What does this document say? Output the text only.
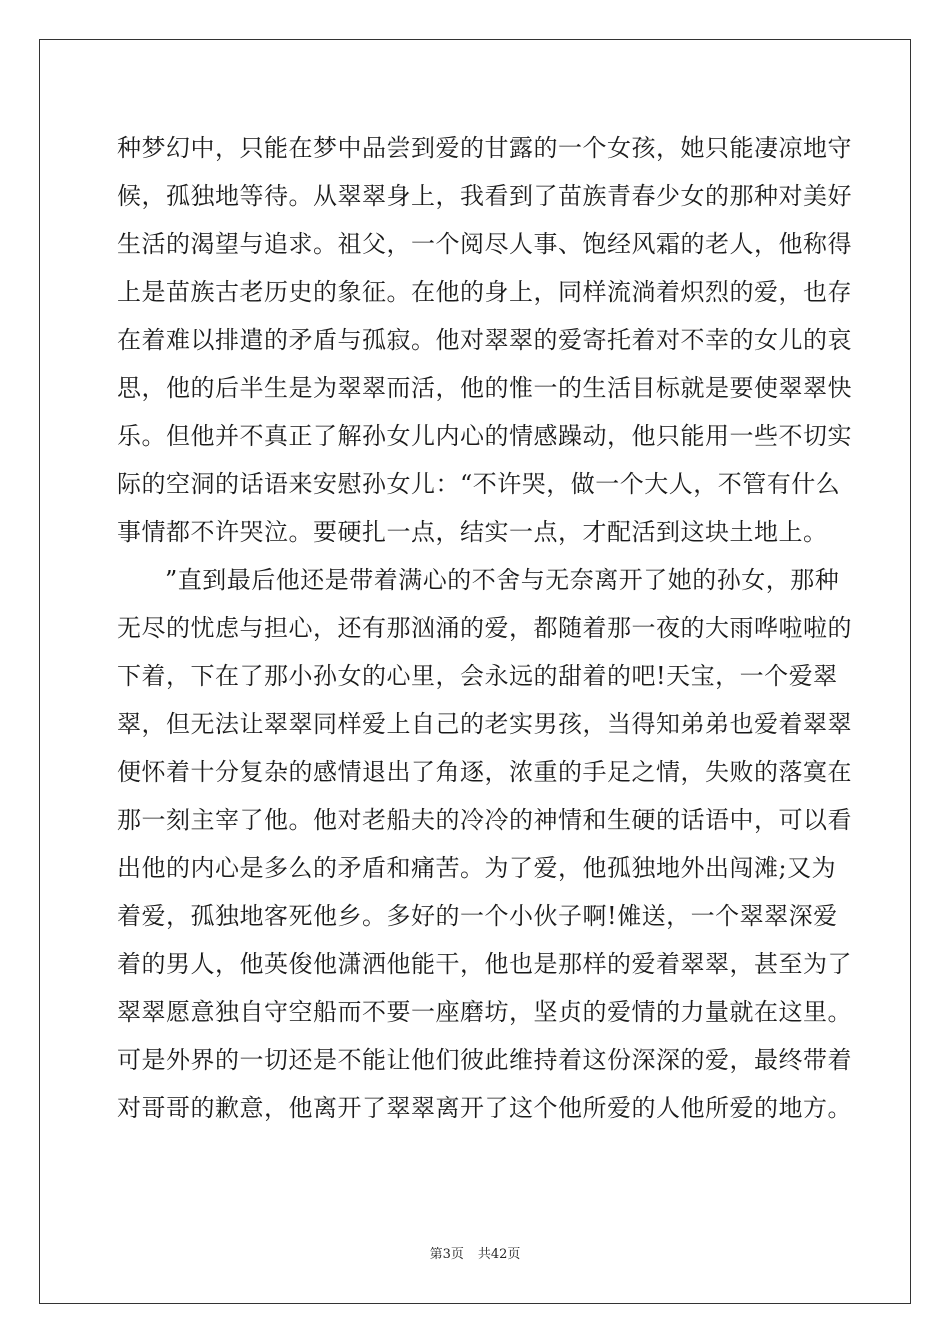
种梦幻中，只能在梦中品尝到爱的甘露的一个女孩，她只能凄凉地守
候，孤独地等待。从翠翠身上，我看到了苗族青春少女的那种对美好
生活的渴望与追求。祖父，一个阅尽人事、饱经风霜的老人，他称得
上是苗族古老历史的象征。在他的身上，同样流淌着炽烈的爱，也存
在着难以排遣的矛盾与孤寂。他对翠翠的爱寄托着对不幸的女儿的哀
思，他的后半生是为翠翠而活，他的惟一的生活目标就是要使翠翠快
乐。但他并不真正了解孙女儿内心的情感躁动，他只能用一些不切实
际的空洞的话语来安慰孙女儿：“不许哭，做一个大人，不管有什么
事情都不许哭泣。要硬扎一点，结实一点，才配活到这块土地上。
”直到最后他还是带着满心的不舍与无奈离开了她的孙女，那种
无尽的忧虑与担心，还有那汹涌的爱，都随着那一夜的大雨哗啦啦的
下着，下在了那小孙女的心里，会永远的甜着的吧!天宝，一个爱翠
翠，但无法让翠翠同样爱上自己的老实男孩，当得知弟弟也爱着翠翠
便怀着十分复杂的感情退出了角逐，浓重的手足之情，失败的落寞在
那一刻主宰了他。他对老船夫的冷冷的神情和生硬的话语中，可以看
出他的内心是多么的矛盾和痛苦。为了爱，他孤独地外出闯滩;又为
着爱，孤独地客死他乡。多好的一个小伙子啊!傩送，一个翠翠深爱
着的男人，他英俊他潇洒他能干，他也是那样的爱着翠翠，甚至为了
翠翠愿意独自守空船而不要一座磨坊，坚贞的爱情的力量就在这里。
可是外界的一切还是不能让他们彼此维持着这份深深的爱，最终带着
对哥哥的歉意，他离开了翠翠离开了这个他所爱的人他所爱的地方。
第3页 共42页
